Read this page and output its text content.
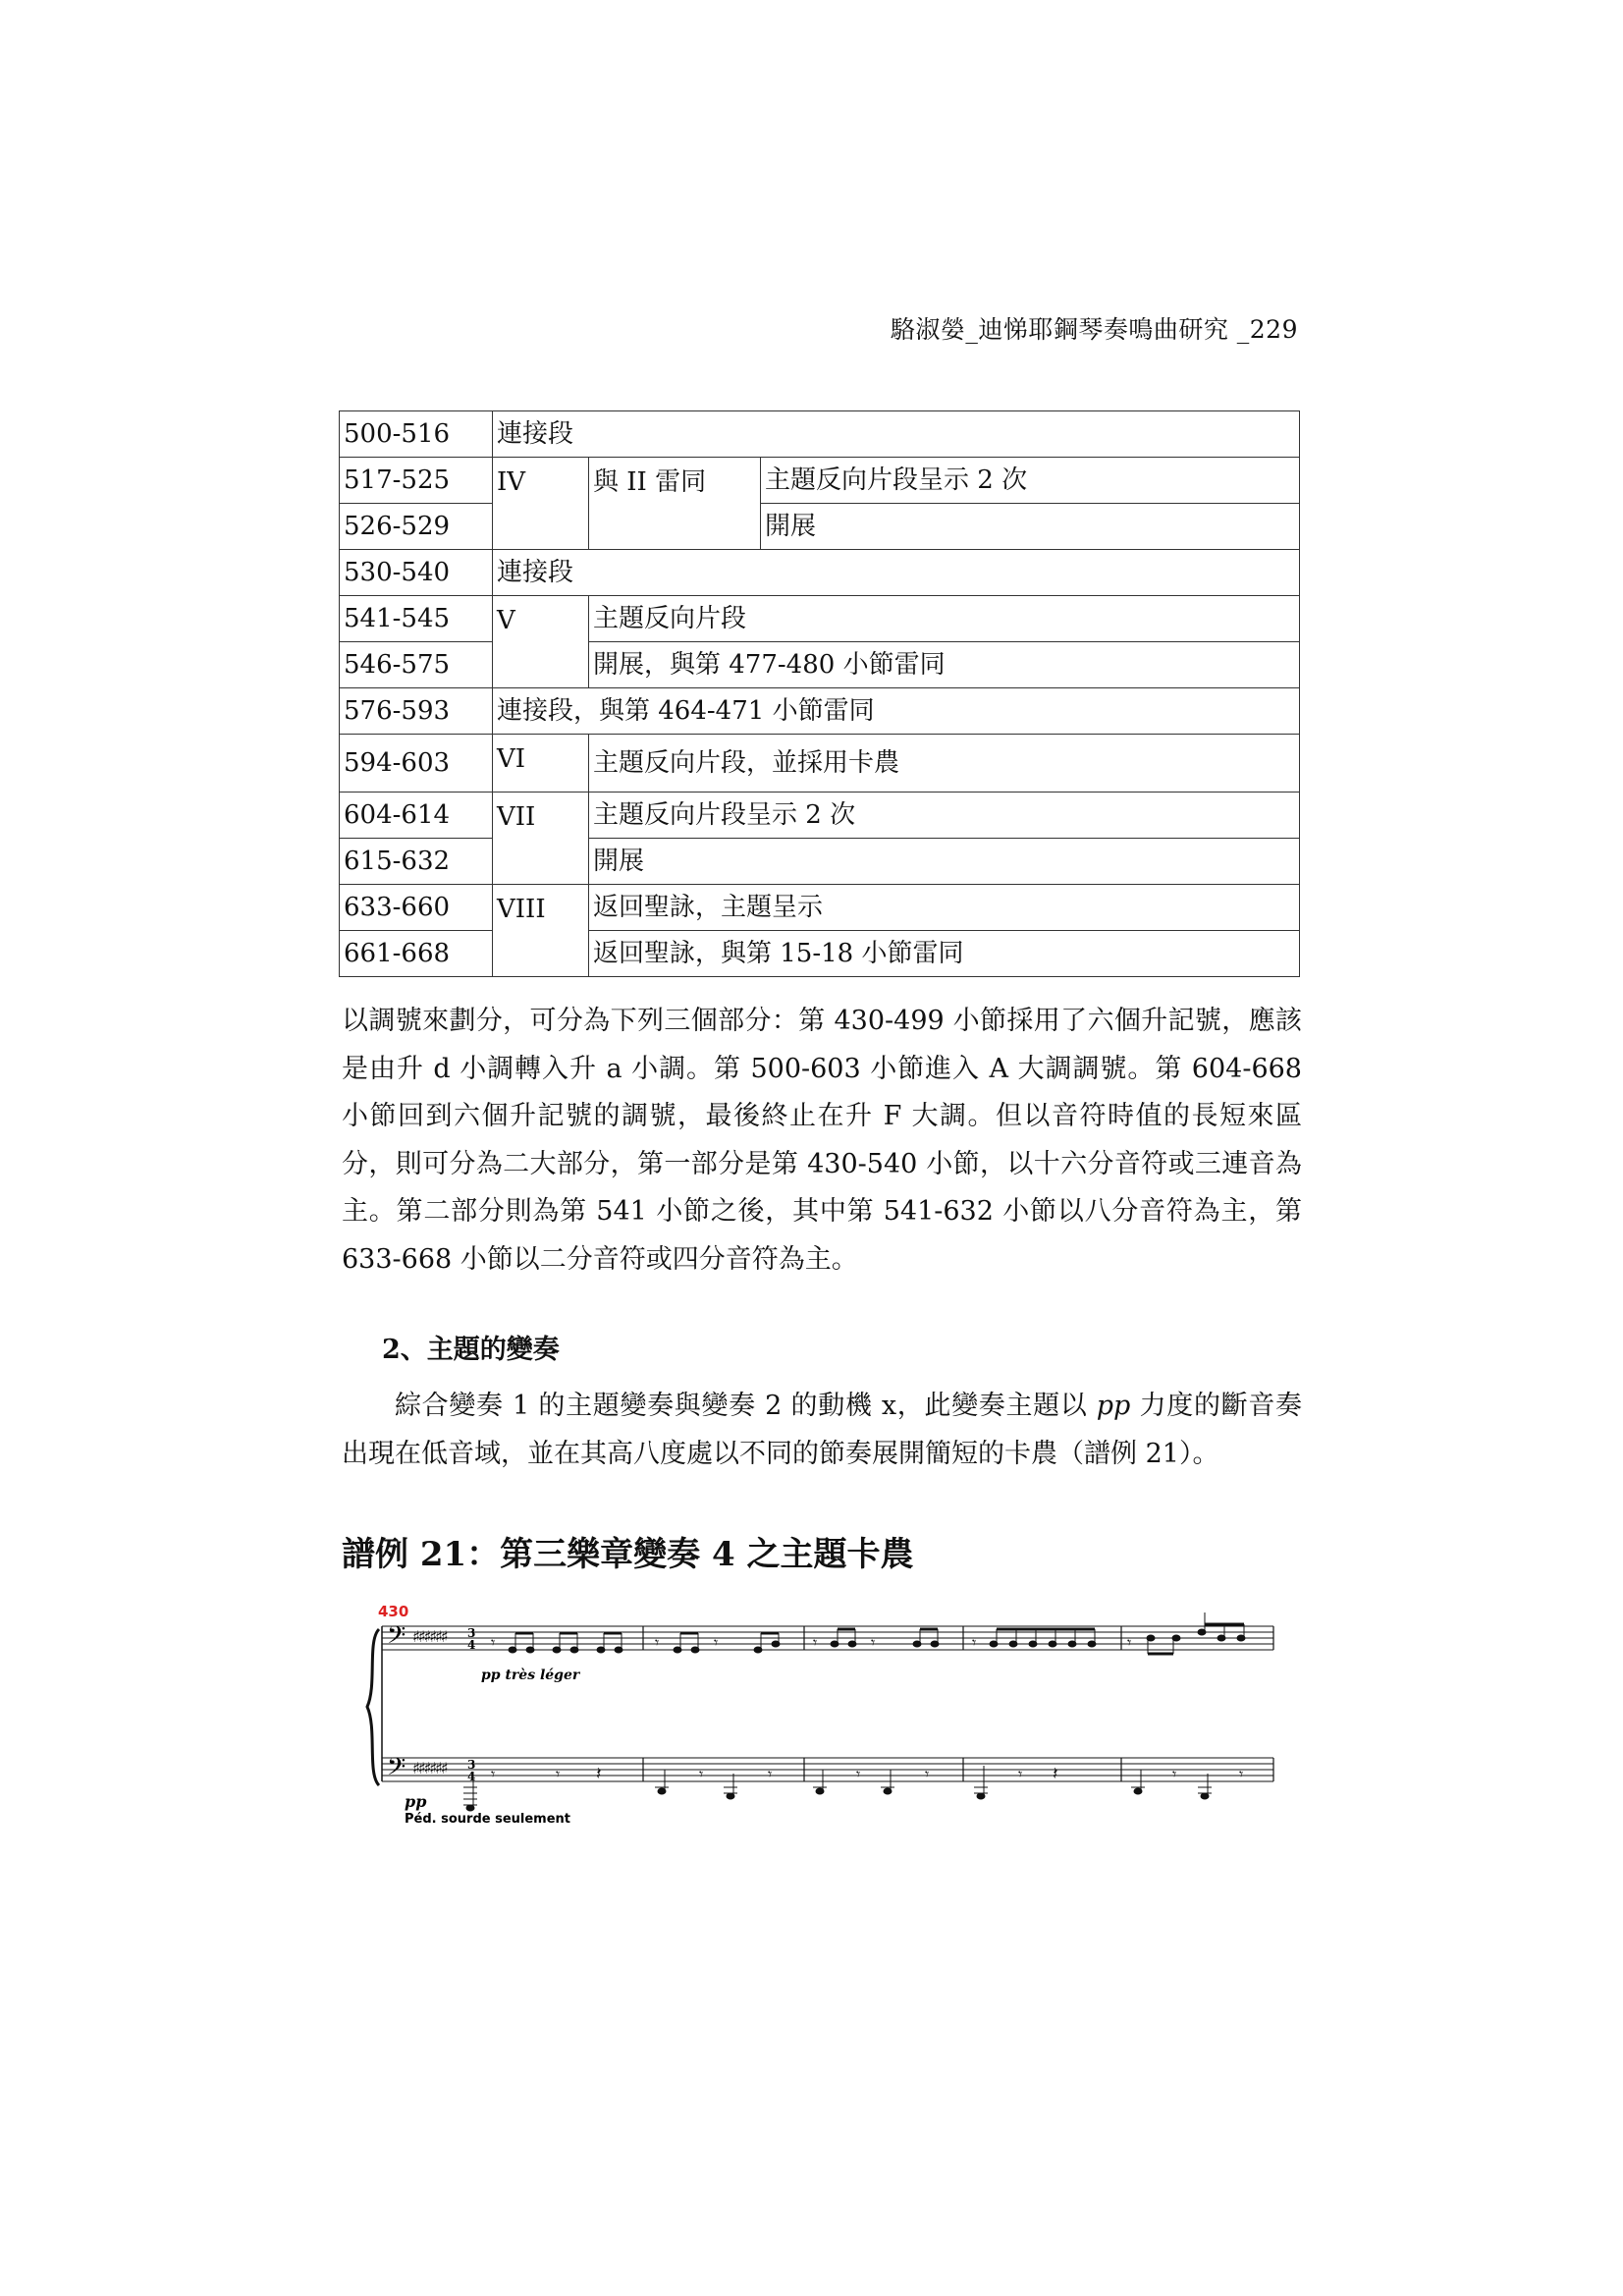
駱淑嫈_迪悌耶鋼琴奏鳴曲研究 _229
500-516	連接段		
517-525	IV	與 II 雷同	主題反向片段呈示 2 次
526-529			開展
530-540	連接段		
541-545	V	主題反向片段	
546-575		開展，與第 477-480 小節雷同	
576-593	連接段，與第 464-471 小節雷同		
594-603	VI	主題反向片段，並採用卡農	
604-614	VII	主題反向片段呈示 2 次	
615-632		開展	
633-660	VIII	返回聖詠，主題呈示	
661-668		返回聖詠，與第 15-18 小節雷同	

以調號來劃分，可分為下列三個部分：第 430-499 小節採用了六個升記號，應該是由升 d 小調轉入升 a 小調。第 500-603 小節進入 A 大調調號。第 604-668 小節回到六個升記號的調號，最後終止在升 F 大調。但以音符時值的長短來區分，則可分為二大部分，第一部分是第 430-540 小節，以十六分音符或三連音為主。第二部分則為第 541 小節之後，其中第 541-632 小節以八分音符為主，第 633-668 小節以二分音符或四分音符為主。

2、主題的變奏

綜合變奏 1 的主題變奏與變奏 2 的動機 x，此變奏主題以 pp 力度的斷音奏出現在低音域，並在其高八度處以不同的節奏展開簡短的卡農（譜例 21）。

譜例 21：第三樂章變奏 4 之主題卡農
430
𝄢
𝄢
♯♯♯♯♯♯
♯♯♯♯♯♯
3
4
3
4
𝄾	𝄾	𝄾	𝄾	𝄾	𝄾	𝄾
𝄾	𝄾 𝄽	𝄾	𝄾	𝄾	𝄾	𝄾 𝄽	𝄾	𝄾
pp très léger
pp
Péd. sourde seulement
